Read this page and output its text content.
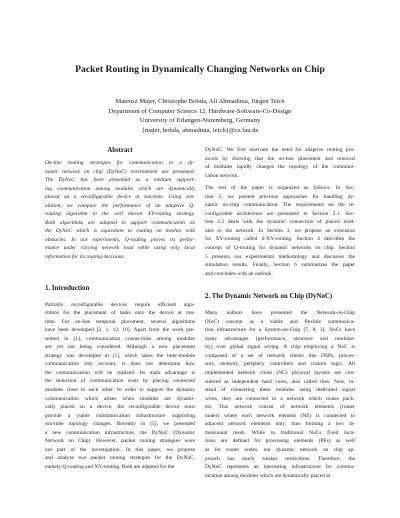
Packet Routing in Dynamically Changing Networks on Chip
Mateusz Majer, Christophe Bobda, Ali Ahmadinia, Jürgen Teich
Department of Computer Science 12, Hardware-Software-Co-Design
University of Erlangen-Nuremberg, Germany
{majer, bobda, ahmadinia, teich}@cs.fau.de
Abstract
On-line routing strategies for communication in a dy-
namic network on chip (DyNoC) environment are presented.
The DyNoC has been presented as a medium support-
ing communication among modules which are dynamically
placed on a reconfigurable device at run-time. Using sim-
ulation, we compare the performance of an adaptive Q-
routing algorithm to the well known XY-routing strategy.
Both algorithms are adapted to support communication on
the DyNoC which is equivalent to routing on meshes with
obstacles. In our experiments, Q-routing proves its perfor-
mance under varying network load while using only local
information for its routing decisions.
1. Introduction
Partially reconfigurable devices require efficient algo-
rithms for the placement of tasks onto the device at run-
time. For on-line temporal placement, several algorithms
have been developed [2, 1, 12, 10]. Apart from the work pre-
sented in [1], communication connections among modules
are yet not being considered. Although a new placement
strategy was developed in [1], which takes the inter-module
communication into account, it does not determine how
the communication will be realized. Its main advantage is
the reduction of communication costs by placing connected
modules close to each other. In order to support the dynamic
communication which arises when modules are dynami-
cally placed on a device, the reconfigurable device must
provide a viable communication infrastructure supporting
run-time topology changes. Recently in [5], we presented
a new communication infrastructure, the DyNoC (Dynamic
Network on Chip). However, packet routing strategies were
not part of the investigation. In this paper, we propose
and analyze two packet routing strategies for the DyNoC,
namely Q-routing and XY-routing. Both are adapted for the
DyNoC. We first motivate the need for adaptive routing pro-
tocols by showing that the on-line placement and removal
of modules rapidly changes the topology of the communi-
cation network.
The rest of the paper is organized as follows: In Sec-
tion 2, we present previous approaches for handling dy-
namic on-chip communication. The requirements on the re-
configurable architecture are presented in Section 2.1. Sec-
tion 2.2 deals with the dynamic connection of placed mod-
ules to the network. In Section 3, we propose an extension
for XY-routing called S-XY-routing. Section 4 describes the
concept of Q-routing for dynamic networks on chip. Section
5 presents our experimental methodology and discusses the
simulation results. Finally, Section 6 summarizes the paper
and concludes with an outlook.
2. The Dynamic Network on Chip (DyNoC)
Many authors have presented the Network-on-Chip
(NoC) concept as a viable and flexible communica-
tion infrastructure for a System-on-Chip [7, 8, 3]. NoCs have
many advantages (performance, structure and modular-
ity) over global signal wiring. A chip employing a NoC is
composed of a set of network clients like DSPs, proces-
sors, memory, periphery controllers and custom logic. All
implemented network client (NC) physical layouts are con-
sidered as independent hard cores, also called tiles. Now, in-
stead of connecting these modules using dedicated signal
wires, they are connected to a network which routes pack-
ets. This network consist of network elements (router
nodes) where each network element (NE) is connected to
adjacent network elements only, thus forming a two di-
mensional mesh. While in traditional NoCs fixed loca-
tions are defined for processing elements (PEs) as well
as for router nodes, our dynamic network on chip ap-
proach has much weaker restrictions. Therefore, the
DyNoC represents an interesting infrastructure for commu-
nication among modules which are dynamically placed at
